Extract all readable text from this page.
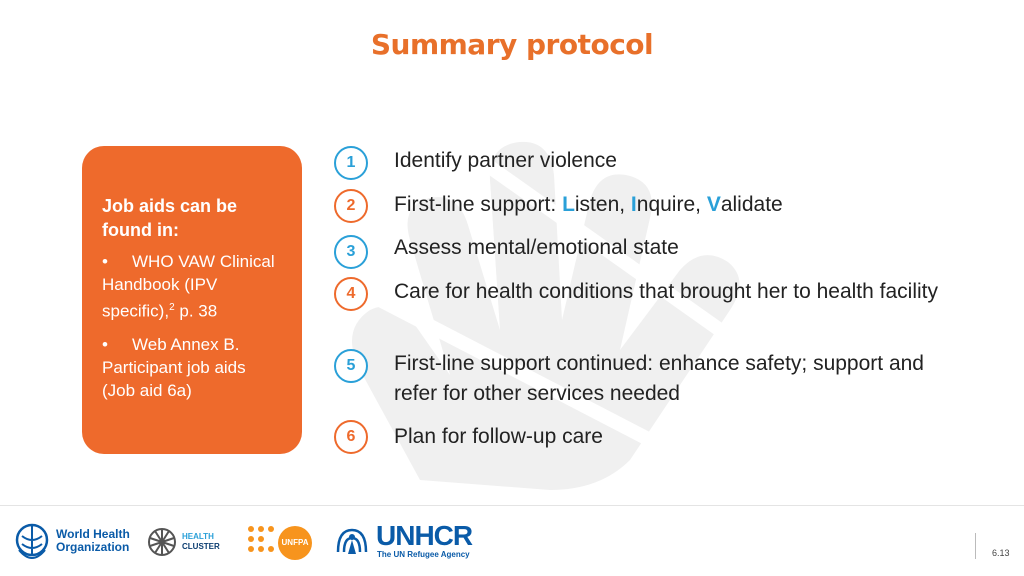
Summary protocol
Job aids can be found in:
• WHO VAW Clinical Handbook (IPV specific),$^2$ p. 38
• Web Annex B. Participant job aids (Job aid 6a)
1	Identify partner violence
2	First-line support: Listen, Inquire, Validate
3	Assess mental/emotional state
4	Care for health conditions that brought her to health facility
5	First-line support continued: enhance safety; support and refer for other services needed
6	Plan for follow-up care
World Health
Organization
HEALTH
CLUSTER	UNFPA UNHCR
The UN Refugee Agency	6.13
